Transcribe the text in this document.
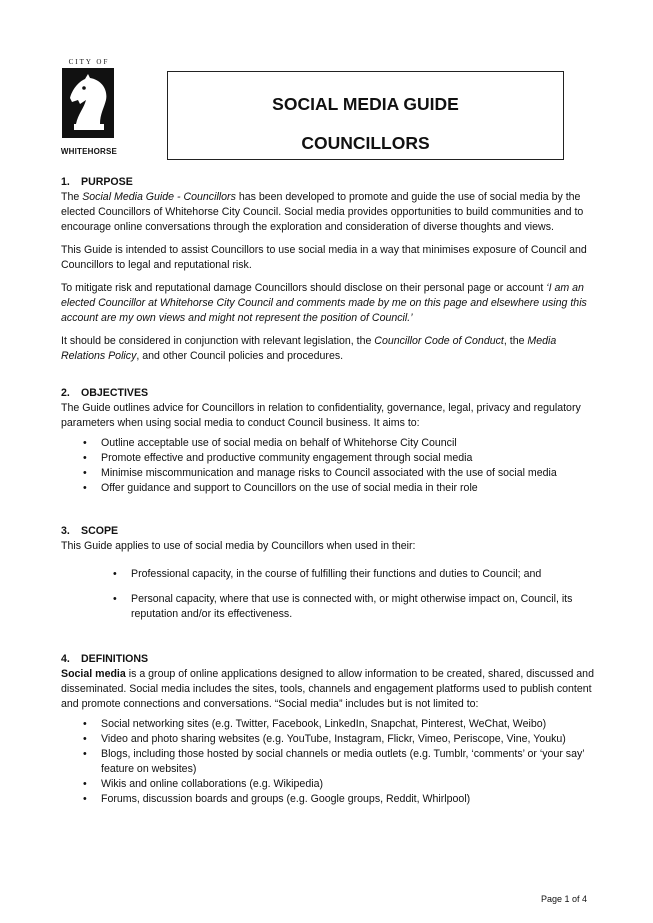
CITY OF
WHITEHORSE
SOCIAL MEDIA GUIDE
COUNCILLORS
1. PURPOSE

The Social Media Guide - Councillors has been developed to promote and guide the use of social media by the elected Councillors of Whitehorse City Council. Social media provides opportunities to build communities and to encourage online conversations through the exploration and consideration of diverse thoughts and views.

This Guide is intended to assist Councillors to use social media in a way that minimises exposure of Council and Councillors to legal and reputational risk.

To mitigate risk and reputational damage Councillors should disclose on their personal page or account ‘I am an elected Councillor at Whitehorse City Council and comments made by me on this page and elsewhere using this account are my own views and might not represent the position of Council.’

It should be considered in conjunction with relevant legislation, the Councillor Code of Conduct, the Media Relations Policy, and other Council policies and procedures.

2. OBJECTIVES

The Guide outlines advice for Councillors in relation to confidentiality, governance, legal, privacy and regulatory parameters when using social media to conduct Council business. It aims to:

• Outline acceptable use of social media on behalf of Whitehorse City Council
• Promote effective and productive community engagement through social media
• Minimise miscommunication and manage risks to Council associated with the use of social media
• Offer guidance and support to Councillors on the use of social media in their role
3. SCOPE

This Guide applies to use of social media by Councillors when used in their:

• Professional capacity, in the course of fulfilling their functions and duties to Council; and
• Personal capacity, where that use is connected with, or might otherwise impact on, Council, its reputation and/or its effectiveness.
4. DEFINITIONS

Social media is a group of online applications designed to allow information to be created, shared, discussed and disseminated. Social media includes the sites, tools, channels and engagement platforms used to publish content and promote connections and conversations. “Social media” includes but is not limited to:

• Social networking sites (e.g. Twitter, Facebook, LinkedIn, Snapchat, Pinterest, WeChat, Weibo)
• Video and photo sharing websites (e.g. YouTube, Instagram, Flickr, Vimeo, Periscope, Vine, Youku)
• Blogs, including those hosted by social channels or media outlets (e.g. Tumblr, ‘comments’ or ‘your say’ feature on websites)
• Wikis and online collaborations (e.g. Wikipedia)
• Forums, discussion boards and groups (e.g. Google groups, Reddit, Whirlpool)
Page 1 of 4
